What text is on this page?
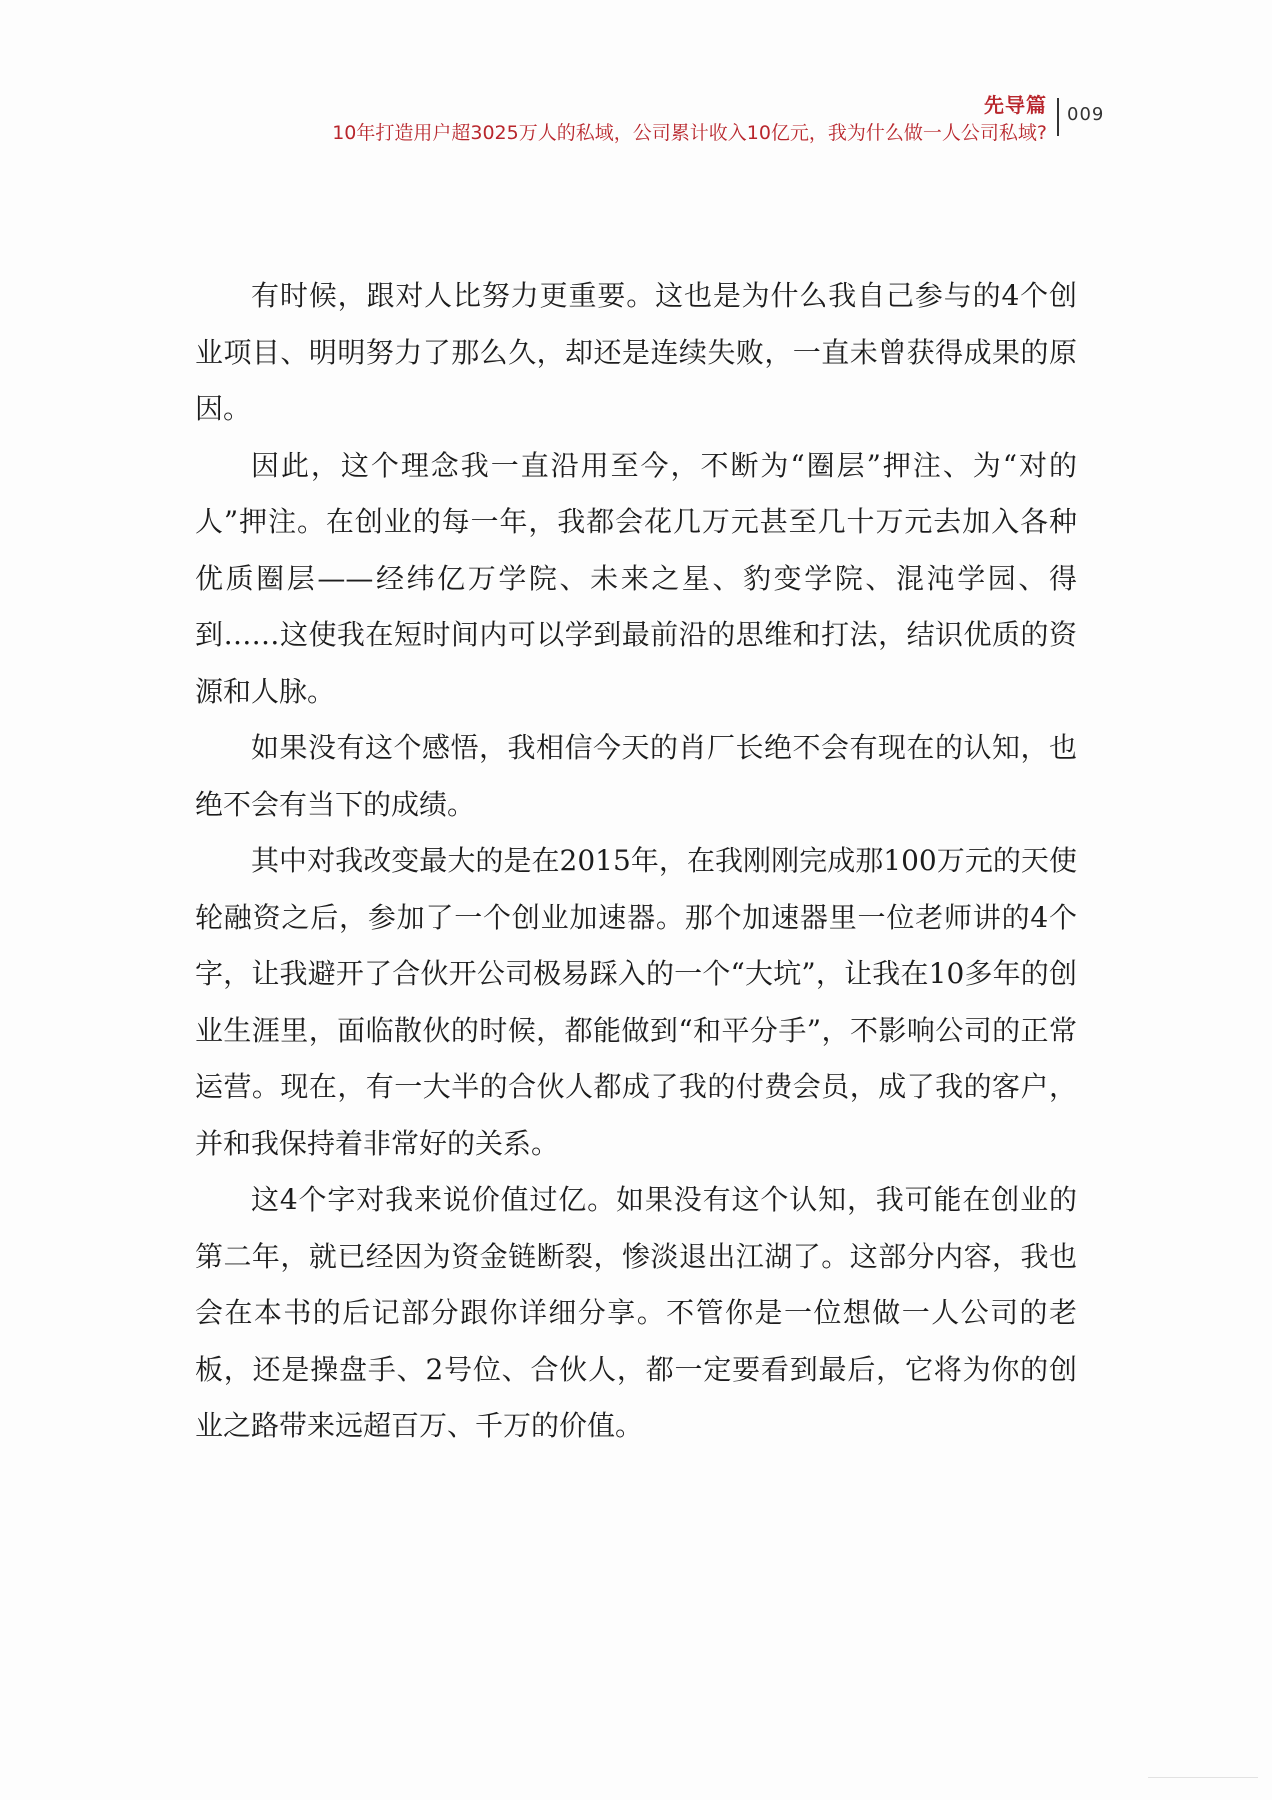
先导篇
10年打造用户超3025万人的私域，公司累计收入10亿元，我为什么做一人公司私域?
009

有时候，跟对人比努力更重要。这也是为什么我自己参与的4个创业项目、明明努力了那么久，却还是连续失败，一直未曾获得成果的原因。

因此，这个理念我一直沿用至今，不断为“圈层”押注、为“对的人”押注。在创业的每一年，我都会花几万元甚至几十万元去加入各种优质圈层——经纬亿万学院、未来之星、豹变学院、混沌学园、得到……这使我在短时间内可以学到最前沿的思维和打法，结识优质的资源和人脉。

如果没有这个感悟，我相信今天的肖厂长绝不会有现在的认知，也绝不会有当下的成绩。

其中对我改变最大的是在2015年，在我刚刚完成那100万元的天使轮融资之后，参加了一个创业加速器。那个加速器里一位老师讲的4个字，让我避开了合伙开公司极易踩入的一个“大坑”，让我在10多年的创业生涯里，面临散伙的时候，都能做到“和平分手”，不影响公司的正常运营。现在，有一大半的合伙人都成了我的付费会员，成了我的客户，并和我保持着非常好的关系。

这4个字对我来说价值过亿。如果没有这个认知，我可能在创业的第二年，就已经因为资金链断裂，惨淡退出江湖了。这部分内容，我也会在本书的后记部分跟你详细分享。不管你是一位想做一人公司的老板，还是操盘手、2号位、合伙人，都一定要看到最后，它将为你的创业之路带来远超百万、千万的价值。
